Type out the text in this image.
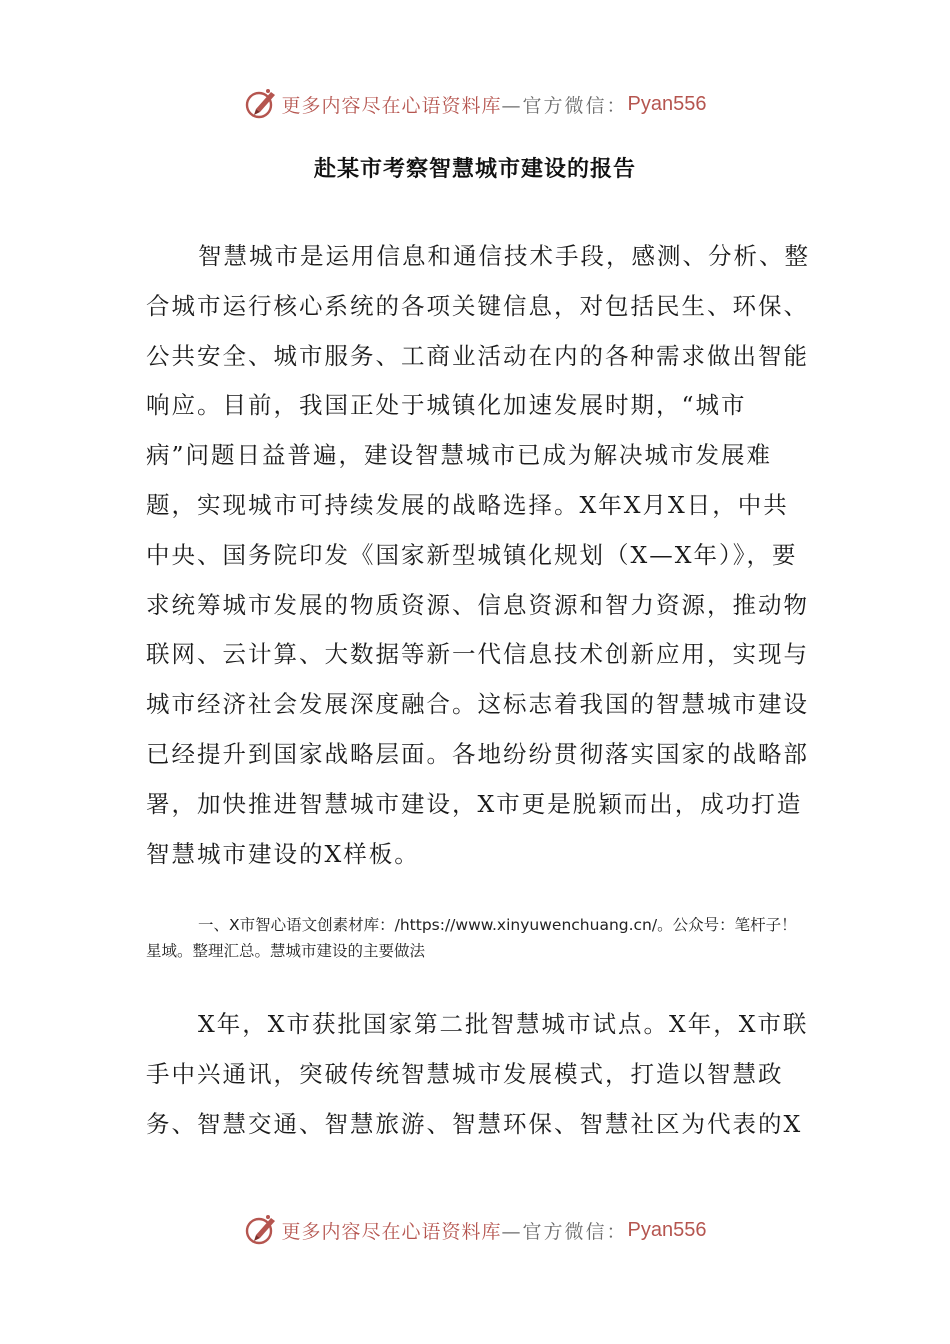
更多内容尽在心语资料库 —官方微信： Pyan556
赴某市考察智慧城市建设的报告

智慧城市是运用信息和通信技术手段，感测、分析、整合城市运行核心系统的各项关键信息，对包括民生、环保、公共安全、城市服务、工商业活动在内的各种需求做出智能响应。目前，我国正处于城镇化加速发展时期，“城市病”问题日益普遍，建设智慧城市已成为解决城市发展难题，实现城市可持续发展的战略选择。X年X月X日，中共中央、国务院印发《国家新型城镇化规划（X—X年）》，要求统筹城市发展的物质资源、信息资源和智力资源，推动物联网、云计算、大数据等新一代信息技术创新应用，实现与城市经济社会发展深度融合。这标志着我国的智慧城市建设已经提升到国家战略层面。各地纷纷贯彻落实国家的战略部署，加快推进智慧城市建设，X市更是脱颖而出，成功打造智慧城市建设的X样板。

一、X市智心语文创素材库：/https://www.xinyuwenchuang.cn/。公众号：笔杆子！星域。整理汇总。慧城市建设的主要做法

X年，X市获批国家第二批智慧城市试点。X年，X市联手中兴通讯，突破传统智慧城市发展模式，打造以智慧政务、智慧交通、智慧旅游、智慧环保、智慧社区为代表的X

更多内容尽在心语资料库 —官方微信： Pyan556
